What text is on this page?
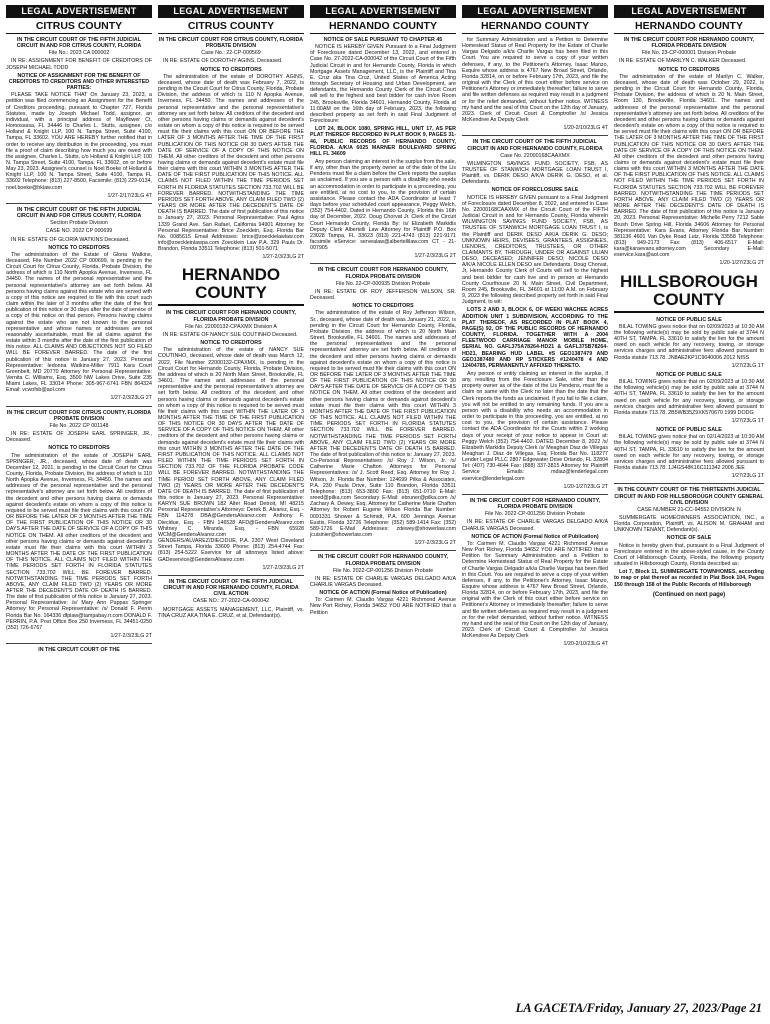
LEGAL ADVERTISEMENT
CITRUS COUNTY

IN THE CIRCUIT COURT OF THE FIFTH JUDICIAL CIRCUIT IN AND FOR CITRUS COUNTY, FLORIDA

File No.: 2023 CA 000002

IN RE: ASSIGNMENT FOR BENEFIT OF CREDITORS OF JOSEPH MICHAEL TODD

NOTICE OF ASSIGNMENT FOR THE BENEFIT OF CREDITORS TO CREDITORS AND OTHER INTERESTED PARTIES:

PLEASE TAKE NOTICE THAT On January 23, 2023, a petition was filed commencing an Assignment for the Benefit of Creditors proceeding, pursuant to Chapter 727, Florida Statutes, made by Joseph Michael Todd, assignor, an individual, with a principal address of Mayflower Ct, Homosassa, FL 34446 to Charles L. Stutts, assignee, c/o Holland & Knight LLP, 100 N. Tampa Street, Suite 4100, Tampa, FL 33602. YOU ARE HEREBY further notified that in order to receive any distribution in the proceeding, you must file a proof of claim describing how much you are owed with the assignee, Charles L. Stutts, c/o Holland & Knight LLP, 100 N. Tampa Street, Suite 4100, Tampa, FL 33602, on or before May 23, 2023. Assignee's counsel is Noel Boeke of Holland & Knight LLP, 100 N. Tampa Street, Suite 4100, Tampa FL 33602 Telephone: (813) 227-8500, Facsimile: (813) 229-0134, noel.boeke@hklaw.com

1/27-2/17/23LG 4T

IN THE CIRCUIT COURT OF THE FIFTH JUDICIAL CIRCUIT IN AND FOR CITRUS COUNTY, FLORIDA

Section Probate Division

CASE NO. 2022 CP 000699

IN RE: ESTATE OF GLORIA WATKINS Deceased.

NOTICE TO CREDITORS

The administration of the Estate of Gloria Watkins, deceased, File Number 2022 CP 000699, is pending in the Circuit Court for Citrus County, Florida, Probate Division, the address of which is 110 North Apopka Avenue, Inverness, FL 34450. The names of the personal representative and the personal representative's attorney are set forth below. All persons having claims against this estate who are served with a copy of this notice are required to file with this court such claim within the later of 3 months after the date of the first publication of this notice or 30 days after the date of service of a copy of this notice on that person. Persons having claims against the estate who are not known to the personal representative and whose names or addresses are not reasonably ascertainable, must file all claims against the estate within 3 months after the date of the first publication of this notice. ALL CLAIMS AND OBJECTIONS NOT SO FILED WILL BE FOREVER BARRED. The date of the first publication of this notice is January 27, 2023. Personal Representative: Iedonna Watkins-Miller 7911 Kara Court Greenbelt, MD 20770 Attorney for Personal Representative: Vernita C. Williams, Esq. 3500 NW Lakes Drive, Suite 235 Miami Lakes, FL 33014 Phone: 305-967-6741 FBN 864324 Email: vcwofsb@aol.com

1/27-2/3/23LG 2T

IN THE CIRCUIT COURT FOR CITRUS COUNTY, FLORIDA PROBATE DIVISION

File No. 2022 CP 001148

IN RE: ESTATE OF JOSEPH EARL SPRINGER, JR., Deceased.

NOTICE TO CREDITORS

The administration of the estate of JOSEPH EARL SPRINGER, JR., deceased, whose date of death was December 12, 2021, is pending in the Circuit Court for Citrus County, Florida, Probate Division, the address of which is 110 North Apopka Avenue, Inverness, FL 34450. The names and addresses of the personal representative and the personal representative's attorney are set forth below. All creditors of the decedent and other persons having claims or demands against decedent's estate on whom a copy of this notice is required to be served must file their claims with this court ON OR BEFORE THE LATER OF 3 MONTHS AFTER THE TIME OF THE FIRST PUBLICATION OF THIS NOTICE OR 30 DAYS AFTER THE DATE OF SERVICE OF A COPY OF THIS NOTICE ON THEM. All other creditors of the decedent and other persons having claims or demands against decedent's estate must file their claims with this court WITHIN 3 MONTHS AFTER THE DATE OF THE FIRST PUBLICATION OF THIS NOTICE. ALL CLAIMS NOT FILED WITHIN THE TIME PERIODS SET FORTH IN FLORIDA STATUTES SECTION 733.702 WILL BE FOREVER BARRED. NOTWITHSTANDING THE TIME PERIODS SET FORTH ABOVE, ANY CLAIM FILED TWO (2) YEARS OR MORE AFTER THE DECEDENT'S DATE OF DEATH IS BARRED. The date of first publication of this notice is January 27, 2023. Personal Representative: /s/ Mary Ann Pappas Springer Attorney for Personal Representative: /s/ Donald F. Perrin Florida Bar No. 164336 dfplaw@tampabay.rr.com DONALD F. PERRIN, P.A. Post Office Box 250 Inverness, FL 34451-0250 (352) 726-6767

1/27-2/3/23LG 2T

IN THE CIRCUIT COURT OF THE

LEGAL ADVERTISEMENT
CITRUS COUNTY

IN THE CIRCUIT COURT FOR CITRUS COUNTY, FLORIDA PROBATE DIVISION

Case No.: 22-CP-000569

IN RE: ESTATE OF DOROTHY AGINS, Deceased.

NOTICE TO CREDITORS

The administration of the estate of DOROTHY AGINS, deceased, whose date of death was February 7, 2022, is pending in the Circuit Court for Citrus County, Florida, Probate Division, the address of which is 110 N Apopka Avenue, Inverness, FL 34450. The names and addresses of the personal representative and the personal representative's attorney are set forth below. All creditors of the decedent and other persons having claims or demands against decedent's estate on whom a copy of this notice is required to be served must file their claims with this court ON OR BEFORE THE LATER OF 3 MONTHS AFTER THE TIME OF THE FIRST PUBLICATION OF THIS NOTICE OR 30 DAYS AFTER THE DATE OF SERVICE OF A COPY OF THIS NOTICE ON THEM. All other creditors of the decedent and other persons having claims or demands against decedent's estate must file their claims with this court WITHIN 3 MONTHS AFTER THE DATE OF THE FIRST PUBLICATION OF THIS NOTICE. ALL CLAIMS NOT FILED WITHIN THE TIME PERIODS SET FORTH IN FLORIDA STATUTES SECTION 733.702 WILL BE FOREVER BARRED. NOTWITHSTANDING THE TIME PERIODS SET FORTH ABOVE, ANY CLAIM FILED TWO (2) YEARS OR MORE AFTER THE DECEDENT'S DATE OF DEATH IS BARRED. The date of first publication of this notice is January 27, 2023. Personal Representative: Paul Agins 1339 Grand Ave. San Rafael, California 94901 Attorney for Personal Representative: Brice Zoecklein, Esq. Florida Bar No. 0085615 Email Addresses: brice@zoecklelawlaw.com info@zoeckleinlawpa.com Zoecklein Law P.A. 329 Pauls Dr. Brandon, Florida 33511 Telephone: (813) 501-5071

1/27-2/3/23LG 2T
HERNANDO COUNTY

IN THE CIRCUIT COURT FOR HERNANDO COUNTY, FLORIDA PROBATE DIVISION

File No. 22000132-CPAXMX Division A

IN RE: ESTATE OF NANCY SUE COUTINHO Deceased.

NOTICE TO CREDITORS

The administration of the estate of NANCY SUE COUTINHO, deceased, whose date of death was March 12, 2022, File Number 22000132-CPAXMX, is pending in the Circuit Court for Hernando County, Florida, Probate Division, the address of which is 20 North Main Street, Brooksville, FL 34601. The names and addresses of the personal representative and the personal representative's attorney are set forth below. All creditors of the decedent and other persons having claims or demands against decedent's estate on whom a copy of this notice is required to be served must file their claims with this court WITHIN THE LATER OF 3 MONTHS AFTER THE TIME OF THE FIRST PUBLICATION OF THIS NOTICE OR 30 DAYS AFTER THE DATE OF SERVICE OF A COPY OF THIS NOTICE ON THEM. All other creditors of the decedent and other persons having claims or demands against decedent's estate must file their claims with this court WITHIN 3 MONTHS AFTER THE DATE OF THE FIRST PUBLICATION OF THIS NOTICE. ALL CLAIMS NOT FILED WITHIN THE TIME PERIODS SET FORTH IN SECTION 733.702 OF THE FLORIDA PROBATE CODE WILL BE FOREVER BARRED. NOTWITHSTANDING THE TIME PERIOD SET FORTH ABOVE, ANY CLAIM FILED TWO (2) YEARS OR MORE AFTER THE DECEDENT'S DATE OF DEATH IS BARRED. The date of first publication of this notice is January 27, 2023. Personal Representative: KARYN SUE BROWN 182 Alter Road Detroit, MI 48215 Personal Representative's Attorneys: Derek B. Alvarez, Esq. - FBN 114278 DBA@GendersAlvarez.com Anthony F. Diecidue, Esq. - FBN 146528 AFD@GendersAlvarez.com Whitney C. Miranda, Esq. - FBN 65928 WCM@GendersAlvarez.com GENDERS/ALVAREZ/DIECIDUE, P.A. 2307 West Cleveland Street Tampa, Florida 33609 Phone: (813) 254-4744 Fax: (813) 254-5222 Eservice for all attorneys listed above: GADeservice@GendersAlvarez.com

1/27-2/3/23LG 2T

IN THE CIRCUIT COURT OF THE FIFTH JUDICIAL CIRCUIT IN AND FOR HERNANDO COUNTY, FLORIDA CIVIL ACTION

CASE NO.: 27-2022-CA-000042

MORTGAGE ASSETS MANAGEMENT, LLC, Plaintiff, vs. TINA CRUZ AKA TINA E. CRUZ, et al, Defendant(s).

LEGAL ADVERTISEMENT
HERNANDO COUNTY

NOTICE OF SALE PURSUANT TO CHAPTER 45

NOTICE IS HEREBY GIVEN Pursuant to a Final Judgment of Foreclosure dated December 13, 2022, and entered in Case No. 27-2022-CA-000042 of the Circuit Court of the Fifth Judicial Circuit in and for Hernando County, Florida in which Mortgage Assets Management, LLC, is the Plaintiff and Tina E. Cruz aka Tina Cruz, United States of America Acting through Secretary of Housing and Urban Development, are defendants, the Hernando County Clerk of the Circuit Court will sell to the highest and best bidder for cash in/on Room 245, Brooksville, Florida 34601, Hernando County, Florida at 11:00AM on the 16th day of February, 2023, the following described property as set forth in said Final Judgment of Foreclosure:

LOT 24, BLOCK 1080, SPRING HILL, UNIT 17, AS PER PLAT THEREOF RECORDED IN PLAT BOOK 9, PAGES 31-46, PUBLIC RECORDS OF HERNANDO COUNTY, FLORIDA. A/K/A 6025 MARNER BOULEVARD SPRING HILL FL 34609

Any person claiming an interest in the surplus from the sale, if any, other than the property owner as of the date of the Lis Pendens must file a claim before the Clerk reports the surplus as unclaimed. If you are a person with a disability who needs an accommodation in order to participate in a proceeding, you are entitled, at no cost to you, to the provision of certain assistance. Please contact the ADA Coordinator at least 7 days before your scheduled court appearance, Peggy Welch, (352) 754-4402. Dated in Hernando County, Florida this 16th day of December, 2022. Doug Chorvat Jr. Clerk of the Circuit Court Hernando County, Florida By: /s/ Elizabeth Markidis Deputy Clerk Albertelli Law Attorney for Plaintiff P.O. Box 23028 Tampa, FL 33623 (813) 221-4743 (813) 221-9171 facsimile eService: servealaw@albertellilaw.com CT - 21-007905

1/27-2/3/23LG 2T

IN THE CIRCUIT COURT FOR HERNANDO COUNTY, FLORIDA PROBATE DIVISION

File No. 22-CP-000935 Division Probate

IN RE: ESTATE OF ROY JEFFERSON WILSON, SR. Deceased.

NOTICE TO CREDITORS

The administration of the estate of Roy Jefferson Wilson, Sr., deceased, whose date of death was January 21, 2022, is pending in the Circuit Court for Hernando County, Florida, Probate Division, the address of which is 20 North Main Street, Brooksville, FL 34601. The names and addresses of the personal representatives and the personal representatives' attorney are set forth below. All creditors of the decedent and other persons having claims or demands against decedent's estate on whom a copy of this notice is required to be served must file their claims with this court ON OR BEFORE THE LATER OF 3 MONTHS AFTER THE TIME OF THE FIRST PUBLICATION OF THIS NOTICE OR 30 DAYS AFTER THE DATE OF SERVICE OF A COPY OF THIS NOTICE ON THEM. All other creditors of the decedent and other persons having claims or demands against decedent's estate must file their claims with this court WITHIN 3 MONTHS AFTER THE DATE OF THE FIRST PUBLICATION OF THIS NOTICE. ALL CLAIMS NOT FILED WITHIN THE TIME PERIODS SET FORTH IN FLORIDA STATUTES SECTION 733.702 WILL BE FOREVER BARRED. NOTWITHSTANDING THE TIME PERIODS SET FORTH ABOVE, ANY CLAIM FILED TWO (2) YEARS OR MORE AFTER THE DECEDENT'S DATE OF DEATH IS BARRED. The date of first publication of this notice is: January 27, 2023. Co-Personal Representatives: /s/ Roy J. Wilson, Jr. /s/ Catherine Marie Chafton Attorneys for Personal Representatives: /s/ J. Scott Reed, Esq. Attorney for Roy J. Wilson, Jr. Florida Bar Number: 124699 Pilka & Associates, P.A. 230 Paula Drive, Suite 110 Brandon, Florida 33511 Telephone: (813) 653-3800 Fax: (813) 651-0710 E-Mail: sreed@pilka.com Secondary E-Mail: ebruner@pilka.com /s/ Zachary A. Dewey, Esq. Attorney for Catherine Marie Chafton Attorney for Robert Eugene Wilson Florida Bar Number: 0091331 Shower & Schmidt, P.A. 600 Jennings Avenue Eustis, Florida 32726 Telephone: (352) 589-1414 Fax: (352) 589-1726 E-Mail Addresses: zdewey@showerlaw.com jcuisinier@showerlaw.com

1/27-2/3/23LG 2T

IN THE CIRCUIT COURT FOR HERNANDO COUNTY, FLORIDA PROBATE DIVISION

File No. 2022-CP-001256 Division Probate

IN RE: ESTATE OF CHARLIE VARGAS DELGADO A/K/A CHARLIE VARGAS Deceased.

NOTICE OF ACTION (Formal Notice of Publication)

To: Carmen M. Claudio Vargas 4221 Richmond Avenue New Port Richey, Florida 34652 YOU ARE NOTIFIED that a Petition

LEGAL ADVERTISEMENT
HERNANDO COUNTY

for Summary Administration and a Petition to Determine Homestead Status of Real Property for the Estate of Charlie Vargas Delgado a/k/a Charlie Vargas has been filed in this Court. You are required to serve a copy of your written defenses, if any, to the Petitioner's Attorney, Isaac Manzo, Esquire whose address is 4767 New Broad Street, Orlando, Florida 32814, on or before February 17th, 2023, and file the original with the Clerk of this court either before service on Petitioner's Attorney or immediately thereafter; failure to serve and file written defenses as required may result in a judgment or for the relief demanded, without further notice. WITNESS my hand and the seal of this Court on the 12th day of January, 2023. Clerk of Circuit Court & Comptroller /s/ Jessica McKendree As Deputy Clerk

1/20-2/10/23LG 4T

IN THE CIRCUIT COURT OF THE FIFTH JUDICIAL CIRCUIT IN AND FOR HERNANDO COUNTY, FLORIDA

Case No. 22000168CAAXMX

WILMINGTON SAVINGS FUND SOCIETY, FSB, AS TRUSTEE OF STANWICH MORTGAGE LOAN TRUST I, Plaintiff, vs. DERIK DESO A/K/A DERIK G. DESO, et al. Defendants.

NOTICE OF FORECLOSURE SALE

NOTICE IS HEREBY GIVEN pursuant to a Final Judgment of Foreclosure dated December 8, 2022, and entered in Case No. 22000168CAAXMX of the Circuit Court of the FIFTH Judicial Circuit in and for Hernando County, Florida wherein WILMINGTON SAVINGS FUND SOCIETY, FSB, AS TRUSTEE OF STANWICH MORTGAGE LOAN TRUST I, is the Plaintiff and DERIK DESO A/K/A DERIK G. DESO; UNKNOWN HEIRS, DEVISEES, GRANTEES, ASSIGNEES, LIENORS, CREDITORS, TRUSTEES, OR OTHER CLAIMANTS BY, THROUGH, UNDER OR AGAINST LILIAN DESO, DECEASED; JENNIFER DESO; NICOLE DESO A/K/A NICOLE ELLEN DESO are Defendants, Doug Chorvat, Jr, Hernando County Clerk of Courts will sell to the highest and best bidder for cash live and in person at Hernando County Courthouse 20 N. Main Street, Civil Department, Room 245, Brooksville, FL 34601 at 11:00 A.M. on February 9, 2023 the following described property set forth in said Final Judgment, to wit:

LOTS 2 AND 3, BLOCK 6, OF WEEKI WACHEE ACRES ADDITION UNIT 1 SUBDIVISION, ACCORDING TO THE PLAT THEREOF, AS RECORDED IN PLAT BOOK 4, PAGE(S) 92, OF THE PUBLIC RECORDS OF HERNANDO COUNTY, FLORIDA. TOGETHER WITH A 2004 FLEETWOOD CARRIAGE MANOR MOBILE HOME, SERIAL NO. GAFL375A78264-HD21 & GAFL375B78264-HD21, BEARING HUD LABEL #S GEO1387479 AND GEO1387480 AND RP STICKERS #1240478 4 AND 12404785, PERMANENTLY AFFIXED THERETO.

Any person or entity claiming an interest in the surplus, if any, resulting from the Foreclosure Sale, other than the property owner as of the date of the Lis Pendens, must file a claim on same with the Clerk no later than the date that the Clerk reports the funds as unclaimed. If you fail to file a claim, you will not be entitled to any remaining funds. If you are a person with a disability who needs an accommodation in order to participate in this proceeding, you are entitled, at no cost to you, the provision of certain assistance. Please contact the ADA Coordinator for the Courts within 2 working days of your receipt of your notice to appear in Court at: Peggy Welch (352) 754-4402. DATED December 8, 2022 /s/ Elizabeth Markidis Deputy Clerk /s/ Meaghan Diaz de Villegas Meaghan J. Diaz de Villegas, Esq. Florida Bar No. 118277 Lender Legal PLLC 2807 Edgewater Drive Orlando, FL 32804 Tel: (407) 730-4644 Fax: (888) 337-3815 Attorney for Plaintiff Service Emails: mdiaz@lenderlegal.com eservice@lenderlegal.com

1/20-1/27/23LG 2T

IN THE CIRCUIT COURT FOR HERNANDO COUNTY, FLORIDA PROBATE DIVISION

File No. 2022-CP-001256 Division Probate

IN RE: ESTATE OF CHARLIE VARGAS DELGADO A/K/A CHARLIE VARGAS Deceased.

NOTICE OF ACTION (Formal Notice of Publication)

To: Carmen M. Claudio Vargas 4221 Richmond Avenue New Port Richey, Florida 34652 YOU ARE NOTIFIED that a Petition for Summary Administration and a Petition to Determine Homestead Status of Real Property for the Estate of Charlie Vargas Delgado a/k/a Charlie Vargas has been filed in this Court. You are required to serve a copy of your written defenses, if any, to the Petitioner's Attorney, Isaac Manzo, Esquire whose address is 4767 New Broad Street, Orlando, Florida 32814, on or before February 17th, 2023, and file the original with the Clerk of this court either before service on Petitioner's Attorney or immediately thereafter; failure to serve and file written defenses as required may result in a judgment or for the relief demanded, without further notice. WITNESS my hand and the seal of this Court on the 12th day of January, 2023. Clerk of Circuit Court & Comptroller /s/ Jessica McKendree As Deputy Clerk

1/20-2/10/23LG 4T
LEGAL ADVERTISEMENT
HERNANDO COUNTY

IN THE CIRCUIT COURT FOR HERNANDO COUNTY, FLORIDA PROBATE DIVISION

File No. 23-CP-000001 Division Probate

IN RE: ESTATE OF MARILYN C. WALKER Deceased.

NOTICE TO CREDITORS

The administration of the estate of Marilyn C. Walker, deceased, whose date of death was October 29, 2022, is pending in the Circuit Court for Hernando County, Florida, Probate Division, the address of which is 20 N. Main Street, Room 130, Brooksville, Florida 34601. The names and addresses of the personal representative and the personal representative's attorney are set forth below. All creditors of the decedent and other persons having claims or demands against decedent's estate on whom a copy of this notice is required to be served must file their claims with this court ON OR BEFORE THE LATER OF 3 MONTHS AFTER THE TIME OF THE FIRST PUBLICATION OF THIS NOTICE OR 30 DAYS AFTER THE DATE OF SERVICE OF A COPY OF THIS NOTICE ON THEM. All other creditors of the decedent and other persons having claims or demands against decedent's estate must file their claims with this court WITHIN 3 MONTHS AFTER THE DATE OF THE FIRST PUBLICATION OF THIS NOTICE. ALL CLAIMS NOT FILED WITHIN THE TIME PERIODS SET FORTH IN FLORIDA STATUTES SECTION 733.702 WILL BE FOREVER BARRED. NOTWITHSTANDING THE TIME PERIODS SET FORTH ABOVE, ANY CLAIM FILED TWO (2) YEARS OR MORE AFTER THE DECEDENT'S DATE OF DEATH IS BARRED. The date of first publication of this notice is January 20, 2023. Personal Representative: Michelle Perry 7212 Sable Brush Drive Spring Hill, Florida 34606 Attorney for Personal Representative: Kara Evans, Attorney Florida Bar Number: 381136 4601 Van Dyke Road Lutz, Florida 33558 Telephone: (813) 949-2173 Fax: (813) 406-6517 E-Mail: kara@karaevans.attorney.com Secondary E-Mail: eservice.kara@aol.com

1/20-1/27/23LG 2T
HILLSBOROUGH
COUNTY

NOTICE OF PUBLIC SALE

BILAL TOWING gives notice that on 02/09/2023 at 10:30 AM the following vehicle(s) may be sold by public sale at 3744 N 40TH ST, TAMPA, FL 33610 to satisfy the lien for the amount owed on each vehicle for any recovery, towing, or storage services charges and administrative fees allowed pursuant to Florida statute 713.78. JN8AE2KP1C9040006 2012 NISS

1/27/23LG 1T

NOTICE OF PUBLIC SALE

BILAL TOWING gives notice that on 02/09/2023 at 10:30 AM the following vehicle(s) may be sold by public sale at 3744 N 40TH ST, TAMPA, FL 33610 to satisfy the lien for the amount owed on each vehicle for any recovery, towing, or storage services charges and administrative fees allowed pursuant to Florida statute 713.78. 2B5WB35Z9XK570670 1999 DODG

1/27/23LG 1T

NOTICE OF PUBLIC SALE

BILAL TOWING gives notice that on 02/14/2023 at 10:30 AM the following vehicle(s) may be sold by public sale at 3744 N 40TH ST, TAMPA, FL 33610 to satisfy the lien for the amount owed on each vehicle for any recovery, towing, or storage services charges and administrative fees allowed pursuant to Florida statute 713.78. 1J4GS48K16C111342 2006 JEE

1/27/23LG 1T

IN THE COUNTY COURT OF THE THIRTEENTH JUDICIAL CIRCUIT IN AND FOR HILLSBOROUGH COUNTY GENERAL CIVIL DIVISION

CASE NUMBER 21-CC-94552 DIVISION: N

SUMMERGATE HOMEOWNERS ASSOCIATION, INC., a Florida Corporation, Plaintiff, vs. ALISON M. GRAHAM and UNKNOWN TENANT, Defendant(s).

NOTICE OF SALE

Notice is hereby given that, pursuant to a Final Judgment of Foreclosure entered in the above-styled cause, in the County Court of Hillsborough County, Florida, the following property situated in Hillsborough County, Florida described as:

Lot 7, Block 11, SUMMERGATE TOWNHOMES, according to map or plat thereof as recorded in Plat Book 104, Pages 150 through 158 of the Public Records of Hillsborough

(Continued on next page)
LA GACETA/Friday, January 27, 2023/Page 21
